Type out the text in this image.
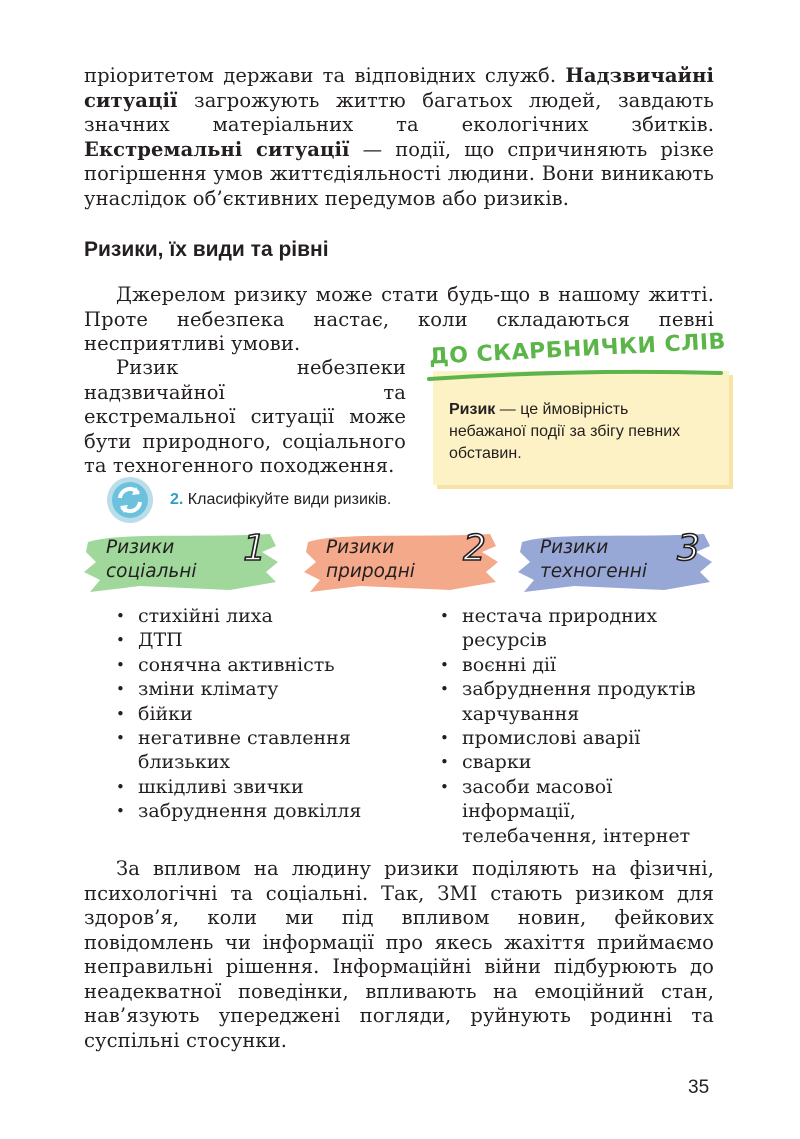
пріоритетом держави та відповідних служб. Надзвичайні ситуації загрожують життю багатьох людей, завдають значних матеріальних та екологічних збитків. Екстремальні ситуації — події, що спричиняють різке погіршення умов життєдіяльності людини. Вони виникають унаслідок об’єктивних передумов або ризиків.

Ризики, їх види та рівні

Джерелом ризику може стати будь-що в нашому житті. Проте небезпека настає, коли складаються певні несприятливі умови.

Ризик небезпеки надзвичайної та екстремальної ситуації може бути природного, соціального та техногенного походження.

ДО СКАРБНИЧКИ СЛІВ
Ризик — це ймовірність небажаної події за збігу певних обставин.
2. Класифікуйте види ризиків.
Ризики
соціальні
1	Ризики
природні
2	Ризики
техногенні
3
• стихійні лиха
• ДТП
• сонячна активність
• зміни клімату
• бійки
• негативне ставлення близьких
• шкідливі звички
• забруднення довкілля
• нестача природних ресурсів
• воєнні дії
• забруднення продуктів харчування
• промислові аварії
• сварки
• засоби масової інформації, телебачення, інтернет

За впливом на людину ризики поділяють на фізичні, психологічні та соціальні. Так, ЗМІ стають ризиком для здоров’я, коли ми під впливом новин, фейкових повідомлень чи інформації про якесь жахіття приймаємо неправильні рішення. Інформаційні війни підбурюють до неадекватної поведінки, впливають на емоційний стан, нав’язують упереджені погляди, руйнують родинні та суспільні стосунки.

35
